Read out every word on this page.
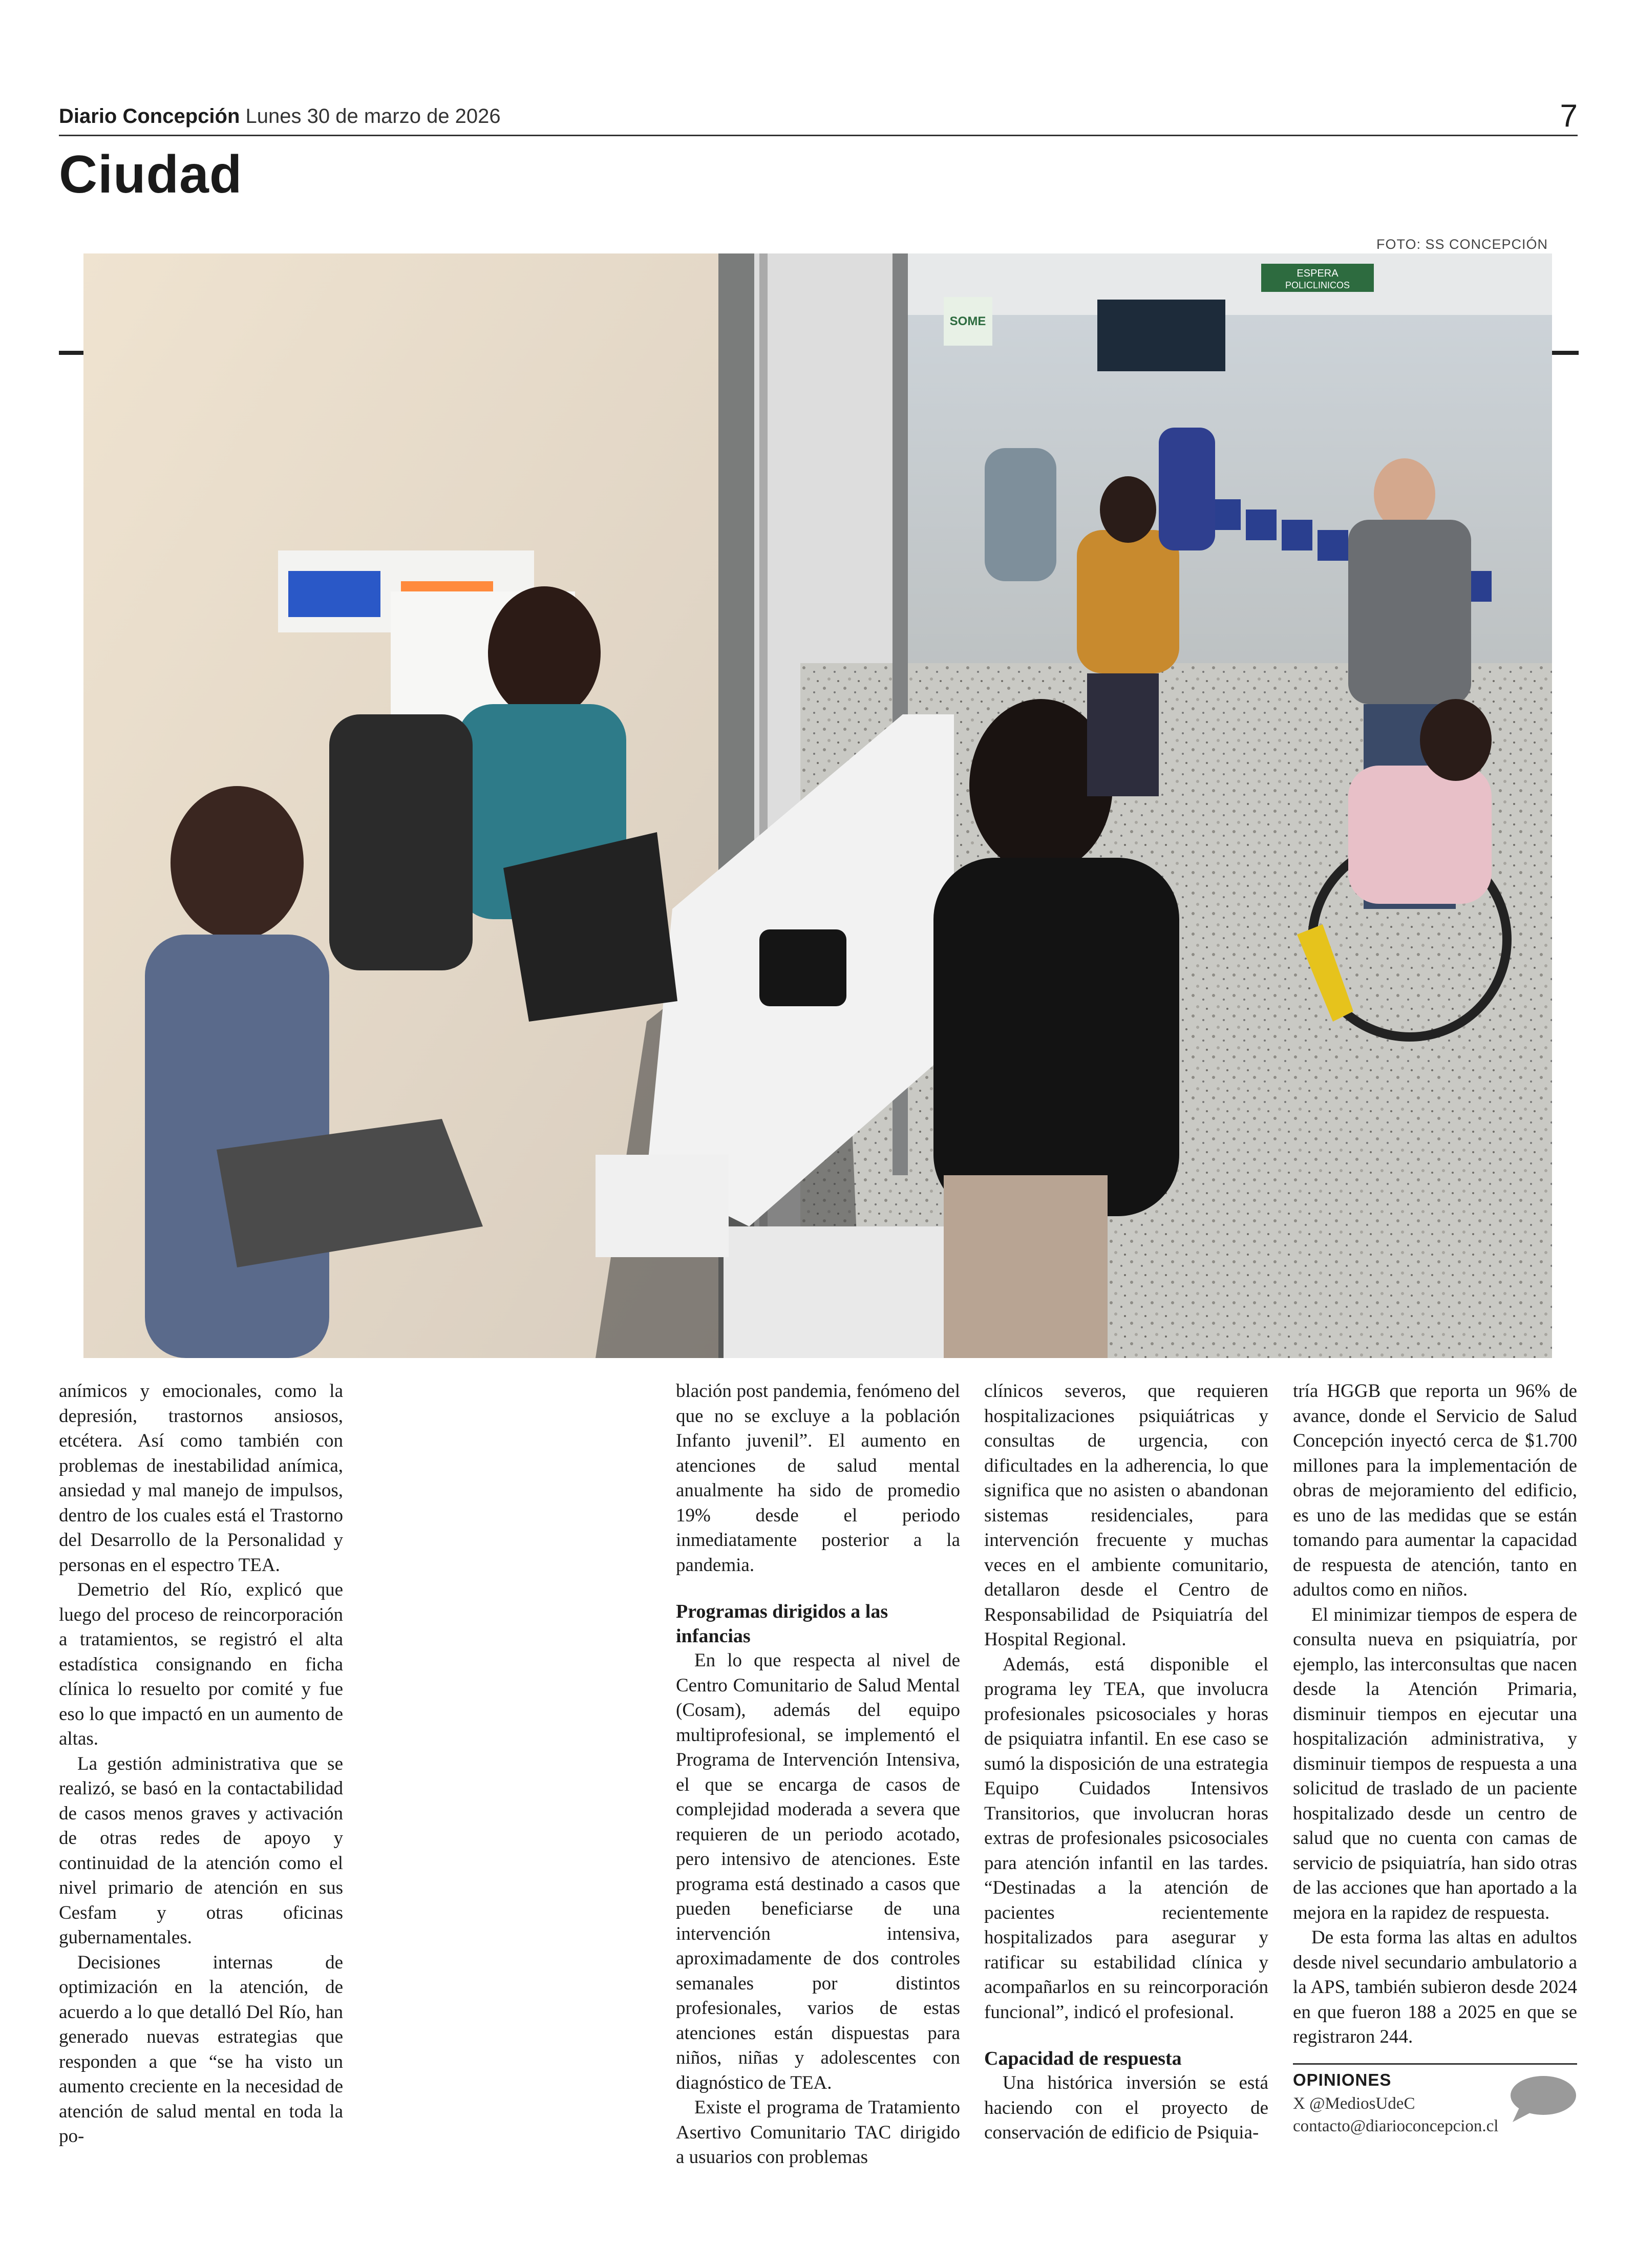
Diario Concepción Lunes 30 de marzo de 2026	7
Ciudad
FOTO: SS CONCEPCIÓN
ESPERA
POLICLINICOS
SOME

anímicos y emocionales, como la depresión, trastornos ansiosos, etcétera. Así como también con problemas de inestabilidad anímica, ansiedad y mal manejo de impulsos, dentro de los cuales está el Trastorno del Desarrollo de la Personalidad y personas en el espectro TEA.

Demetrio del Río, explicó que luego del proceso de reincorporación a tratamientos, se registró el alta estadística consignando en ficha clínica lo resuelto por comité y fue eso lo que impactó en un aumento de altas.

La gestión administrativa que se realizó, se basó en la contactabilidad de casos menos graves y activación de otras redes de apoyo y continuidad de la atención como el nivel primario de atención en sus Cesfam y otras oficinas gubernamentales.

Decisiones internas de optimización en la atención, de acuerdo a lo que detalló Del Río, han generado nuevas estrategias que responden a que “se ha visto un aumento creciente en la necesidad de atención de salud mental en toda la po-

blación post pandemia, fenómeno del que no se excluye a la población Infanto juvenil”. El aumento en atenciones de salud mental anualmente ha sido de promedio 19% desde el periodo inmediatamente posterior a la pandemia.

Programas dirigidos a las infancias

En lo que respecta al nivel de Centro Comunitario de Salud Mental (Cosam), además del equipo multiprofesional, se implementó el Programa de Intervención Intensiva, el que se encarga de casos de complejidad moderada a severa que requieren de un periodo acotado, pero intensivo de atenciones. Este programa está destinado a casos que pueden beneficiarse de una intervención intensiva, aproximadamente de dos controles semanales por distintos profesionales, varios de estas atenciones están dispuestas para niños, niñas y adolescentes con diagnóstico de TEA.

Existe el programa de Tratamiento Asertivo Comunitario TAC dirigido a usuarios con problemas

clínicos severos, que requieren hospitalizaciones psiquiátricas y consultas de urgencia, con dificultades en la adherencia, lo que significa que no asisten o abandonan sistemas residenciales, para intervención frecuente y muchas veces en el ambiente comunitario, detallaron desde el Centro de Responsabilidad de Psiquiatría del Hospital Regional.

Además, está disponible el programa ley TEA, que involucra profesionales psicosociales y horas de psiquiatra infantil. En ese caso se sumó la disposición de una estrategia Equipo Cuidados Intensivos Transitorios, que involucran horas extras de profesionales psicosociales para atención infantil en las tardes. “Destinadas a la atención de pacientes recientemente hospitalizados para asegurar y ratificar su estabilidad clínica y acompañarlos en su reincorporación funcional”, indicó el profesional.

Capacidad de respuesta

Una histórica inversión se está haciendo con el proyecto de conservación de edificio de Psiquia-

tría HGGB que reporta un 96% de avance, donde el Servicio de Salud Concepción inyectó cerca de $1.700 millones para la implementación de obras de mejoramiento del edificio, es uno de las medidas que se están tomando para aumentar la capacidad de respuesta de atención, tanto en adultos como en niños.

El minimizar tiempos de espera de consulta nueva en psiquiatría, por ejemplo, las interconsultas que nacen desde la Atención Primaria, disminuir tiempos en ejecutar una hospitalización administrativa, y disminuir tiempos de respuesta a una solicitud de traslado de un paciente hospitalizado desde un centro de salud que no cuenta con camas de servicio de psiquiatría, han sido otras de las acciones que han aportado a la mejora en la rapidez de respuesta.

De esta forma las altas en adultos desde nivel secundario ambulatorio a la APS, también subieron desde 2024 en que fueron 188 a 2025 en que se registraron 244.

OPINIONES
X @MediosUdeC
contacto@diarioconcepcion.cl
